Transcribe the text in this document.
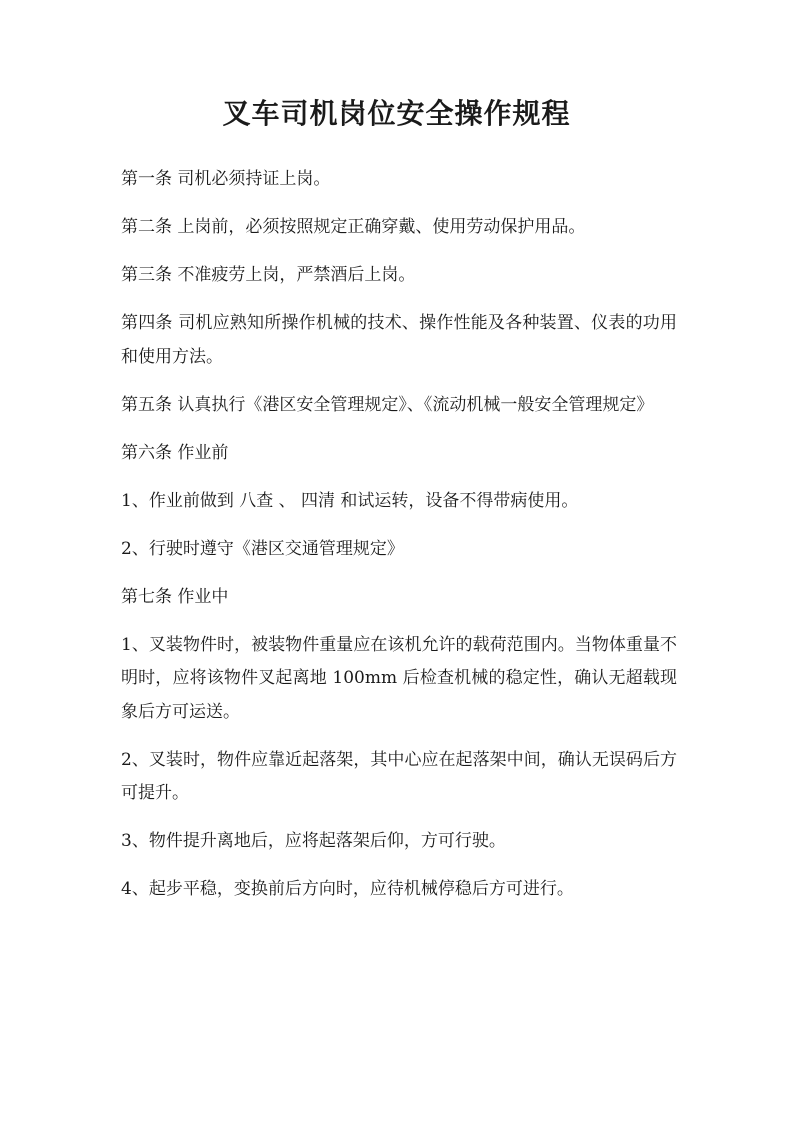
叉车司机岗位安全操作规程

第一条 司机必须持证上岗。

第二条 上岗前，必须按照规定正确穿戴、使用劳动保护用品。

第三条 不准疲劳上岗，严禁酒后上岗。

第四条 司机应熟知所操作机械的技术、操作性能及各种装置、仪表的功用和使用方法。

第五条 认真执行《港区安全管理规定》、《流动机械一般安全管理规定》

第六条 作业前

1、作业前做到 八查 、 四清 和试运转，设备不得带病使用。

2、行驶时遵守《港区交通管理规定》

第七条 作业中

1、叉装物件时，被装物件重量应在该机允许的载荷范围内。当物体重量不明时，应将该物件叉起离地 100mm 后检查机械的稳定性，确认无超载现象后方可运送。

2、叉装时，物件应靠近起落架，其中心应在起落架中间，确认无误码后方可提升。

3、物件提升离地后，应将起落架后仰，方可行驶。

4、起步平稳，变换前后方向时，应待机械停稳后方可进行。
